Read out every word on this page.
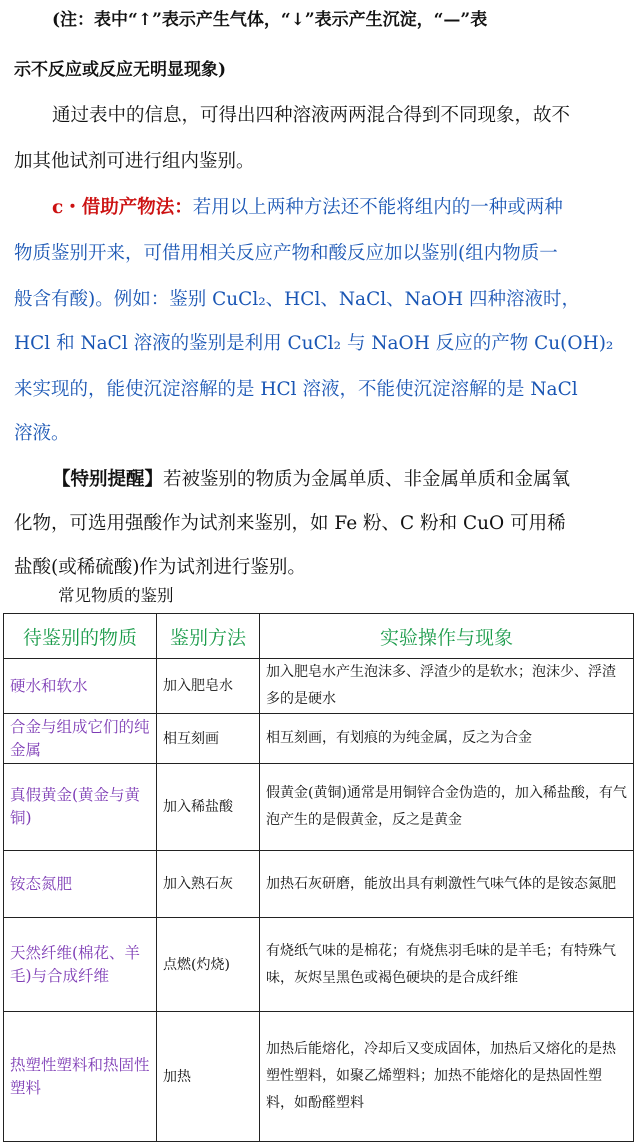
(注：表中“↑”表示产生气体，“↓”表示产生沉淀，“—”表
示不反应或反应无明显现象)
通过表中的信息，可得出四种溶液两两混合得到不同现象，故不
加其他试剂可进行组内鉴别。
c・借助产物法：若用以上两种方法还不能将组内的一种或两种
物质鉴别开来，可借用相关反应产物和酸反应加以鉴别(组内物质一
般含有酸)。例如：鉴别 CuCl₂、HCl、NaCl、NaOH 四种溶液时，
HCl 和 NaCl 溶液的鉴别是利用 CuCl₂ 与 NaOH 反应的产物 Cu(OH)₂
来实现的，能使沉淀溶解的是 HCl 溶液，不能使沉淀溶解的是 NaCl
溶液。
【特别提醒】若被鉴别的物质为金属单质、非金属单质和金属氧
化物，可选用强酸作为试剂来鉴别，如 Fe 粉、C 粉和 CuO 可用稀
盐酸(或稀硫酸)作为试剂进行鉴别。
常见物质的鉴别
待鉴别的物质	鉴别方法	实验操作与现象
硬水和软水	加入肥皂水	加入肥皂水产生泡沫多、浮渣少的是软水；泡沫少、浮渣多的是硬水
合金与组成它们的纯金属	相互刻画	相互刻画，有划痕的为纯金属，反之为合金
真假黄金(黄金与黄铜)	加入稀盐酸	假黄金(黄铜)通常是用铜锌合金伪造的，加入稀盐酸，有气泡产生的是假黄金，反之是黄金
铵态氮肥	加入熟石灰	加热石灰研磨，能放出具有刺激性气味气体的是铵态氮肥
天然纤维(棉花、羊毛)与合成纤维	点燃(灼烧)	有烧纸气味的是棉花；有烧焦羽毛味的是羊毛；有特殊气味，灰烬呈黑色或褐色硬块的是合成纤维
热塑性塑料和热固性塑料	加热	加热后能熔化，冷却后又变成固体，加热后又熔化的是热塑性塑料，如聚乙烯塑料；加热不能熔化的是热固性塑料，如酚醛塑料
